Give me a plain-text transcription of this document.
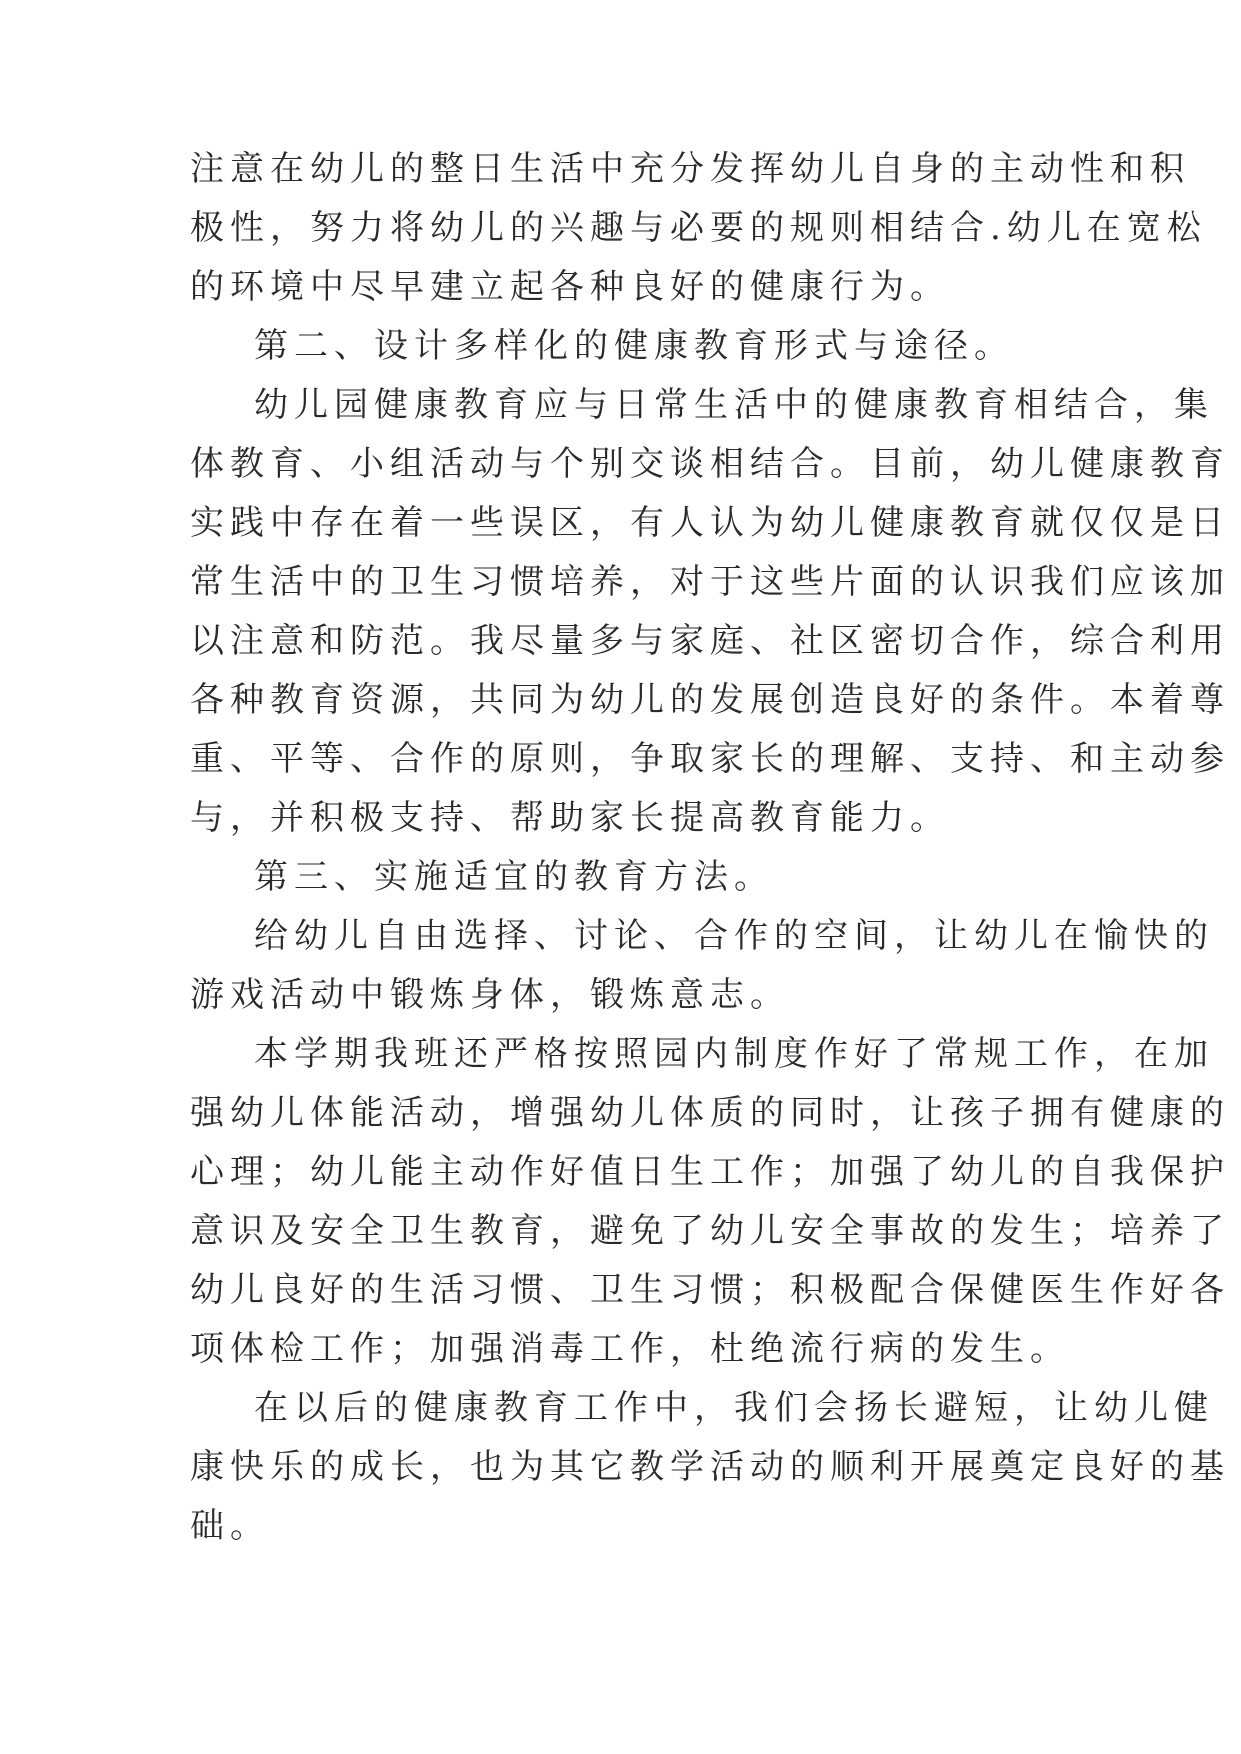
注意在幼儿的整日生活中充分发挥幼儿自身的主动性和积
极性，努力将幼儿的兴趣与必要的规则相结合.幼儿在宽松
的环境中尽早建立起各种良好的健康行为。
第二、设计多样化的健康教育形式与途径。
幼儿园健康教育应与日常生活中的健康教育相结合，集
体教育、小组活动与个别交谈相结合。目前，幼儿健康教育
实践中存在着一些误区，有人认为幼儿健康教育就仅仅是日
常生活中的卫生习惯培养，对于这些片面的认识我们应该加
以注意和防范。我尽量多与家庭、社区密切合作，综合利用
各种教育资源，共同为幼儿的发展创造良好的条件。本着尊
重、平等、合作的原则，争取家长的理解、支持、和主动参
与，并积极支持、帮助家长提高教育能力。
第三、实施适宜的教育方法。
给幼儿自由选择、讨论、合作的空间，让幼儿在愉快的
游戏活动中锻炼身体，锻炼意志。
本学期我班还严格按照园内制度作好了常规工作，在加
强幼儿体能活动，增强幼儿体质的同时，让孩子拥有健康的
心理；幼儿能主动作好值日生工作；加强了幼儿的自我保护
意识及安全卫生教育，避免了幼儿安全事故的发生；培养了
幼儿良好的生活习惯、卫生习惯；积极配合保健医生作好各
项体检工作；加强消毒工作，杜绝流行病的发生。
在以后的健康教育工作中，我们会扬长避短，让幼儿健
康快乐的成长，也为其它教学活动的顺利开展奠定良好的基
础。
